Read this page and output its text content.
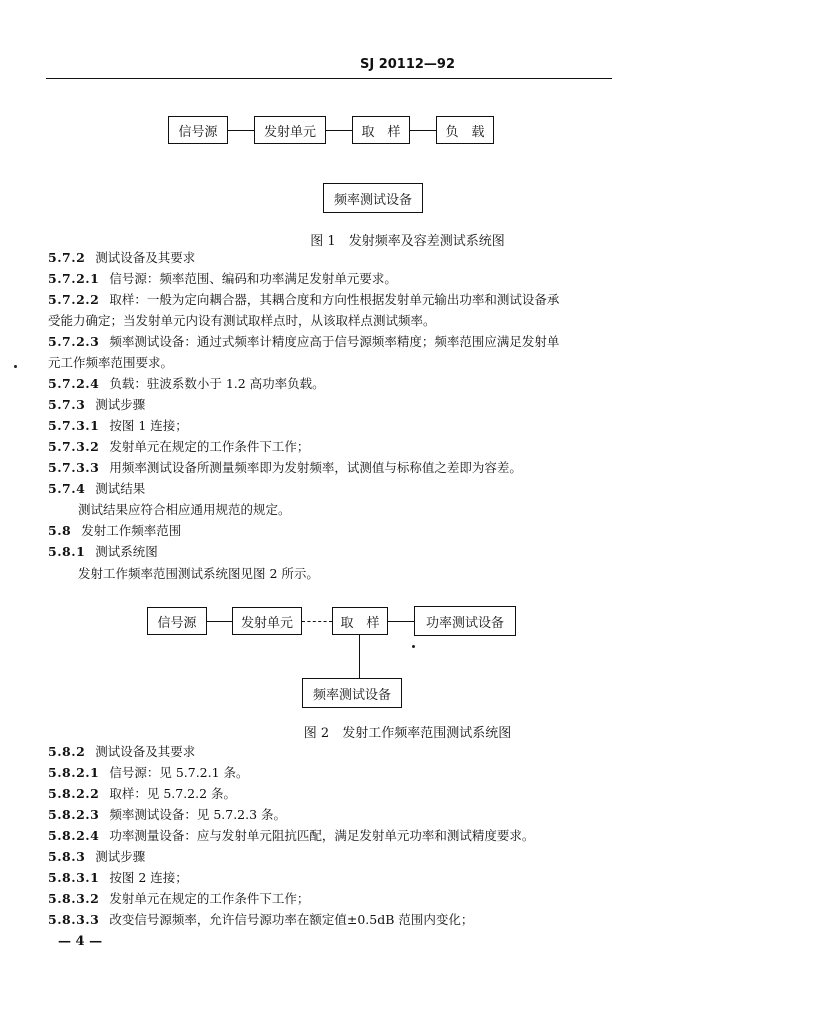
SJ 20112—92
信号源	发射单元	取　样	负　载
频率测试设备
图 1　发射频率及容差测试系统图
5.7.2 测试设备及其要求
5.7.2.1 信号源：频率范围、编码和功率满足发射单元要求。
5.7.2.2 取样：一般为定向耦合器，其耦合度和方向性根据发射单元输出功率和测试设备承
受能力确定；当发射单元内设有测试取样点时，从该取样点测试频率。
5.7.2.3 频率测试设备：通过式频率计精度应高于信号源频率精度；频率范围应满足发射单
元工作频率范围要求。
5.7.2.4 负载：驻波系数小于 1.2 高功率负载。
5.7.3 测试步骤
5.7.3.1 按图 1 连接；
5.7.3.2 发射单元在规定的工作条件下工作；
5.7.3.3 用频率测试设备所测量频率即为发射频率，试测值与标称值之差即为容差。
5.7.4 测试结果
测试结果应符合相应通用规范的规定。
5.8 发射工作频率范围
5.8.1 测试系统图
发射工作频率范围测试系统图见图 2 所示。
信号源	发射单元	取　样	功率测试设备
频率测试设备
图 2　发射工作频率范围测试系统图
5.8.2 测试设备及其要求
5.8.2.1 信号源：见 5.7.2.1 条。
5.8.2.2 取样：见 5.7.2.2 条。
5.8.2.3 频率测试设备：见 5.7.2.3 条。
5.8.2.4 功率测量设备：应与发射单元阻抗匹配，满足发射单元功率和测试精度要求。
5.8.3 测试步骤
5.8.3.1 按图 2 连接；
5.8.3.2 发射单元在规定的工作条件下工作；
5.8.3.3 改变信号源频率，允许信号源功率在额定值±0.5dB 范围内变化；
— 4 —
